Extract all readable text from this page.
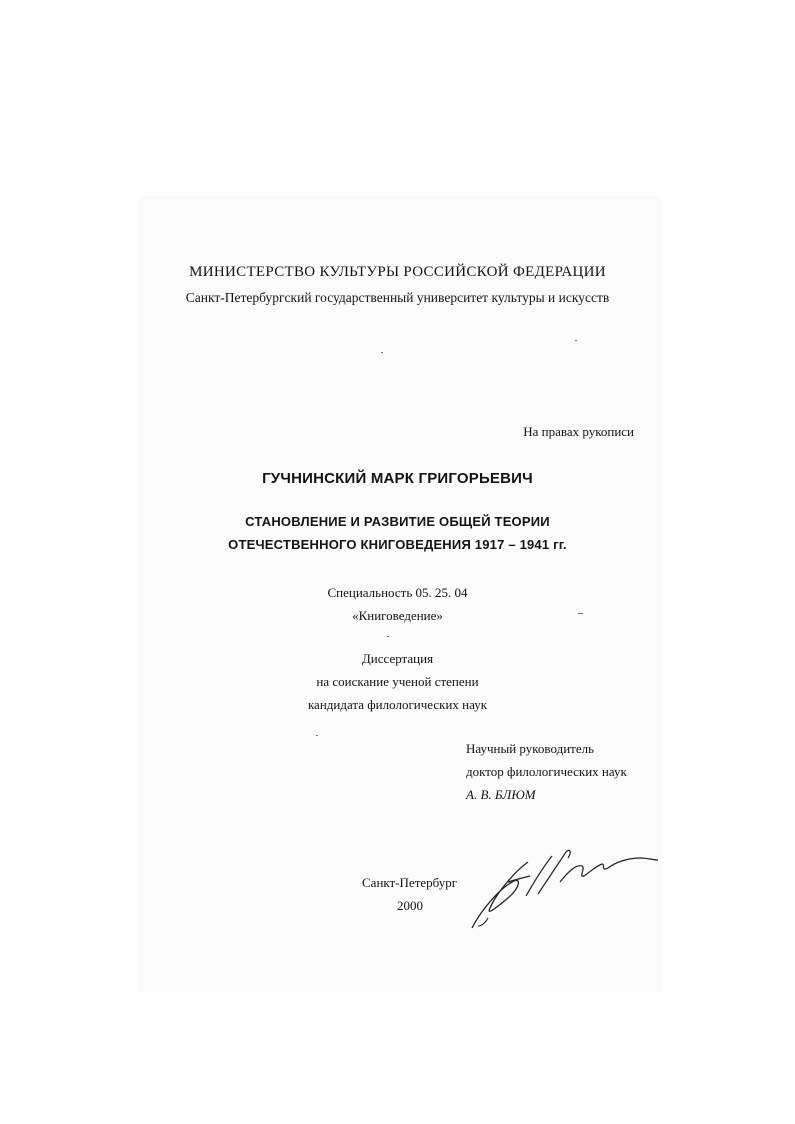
МИНИСТЕРСТВО КУЛЬТУРЫ РОССИЙСКОЙ ФЕДЕРАЦИИ
Санкт-Петербургский государственный университет культуры и искусств
На правах рукописи
ГУЧНИНСКИЙ МАРК ГРИГОРЬЕВИЧ
СТАНОВЛЕНИЕ И РАЗВИТИЕ ОБЩЕЙ ТЕОРИИ
ОТЕЧЕСТВЕННОГО КНИГОВЕДЕНИЯ 1917 – 1941 гг.
Специальность 05. 25. 04
«Книговедение»
Диссертация
на соискание ученой степени
кандидата филологических наук
Научный руководитель
доктор филологических наук
А. В. БЛЮМ
Санкт-Петербург
2000
